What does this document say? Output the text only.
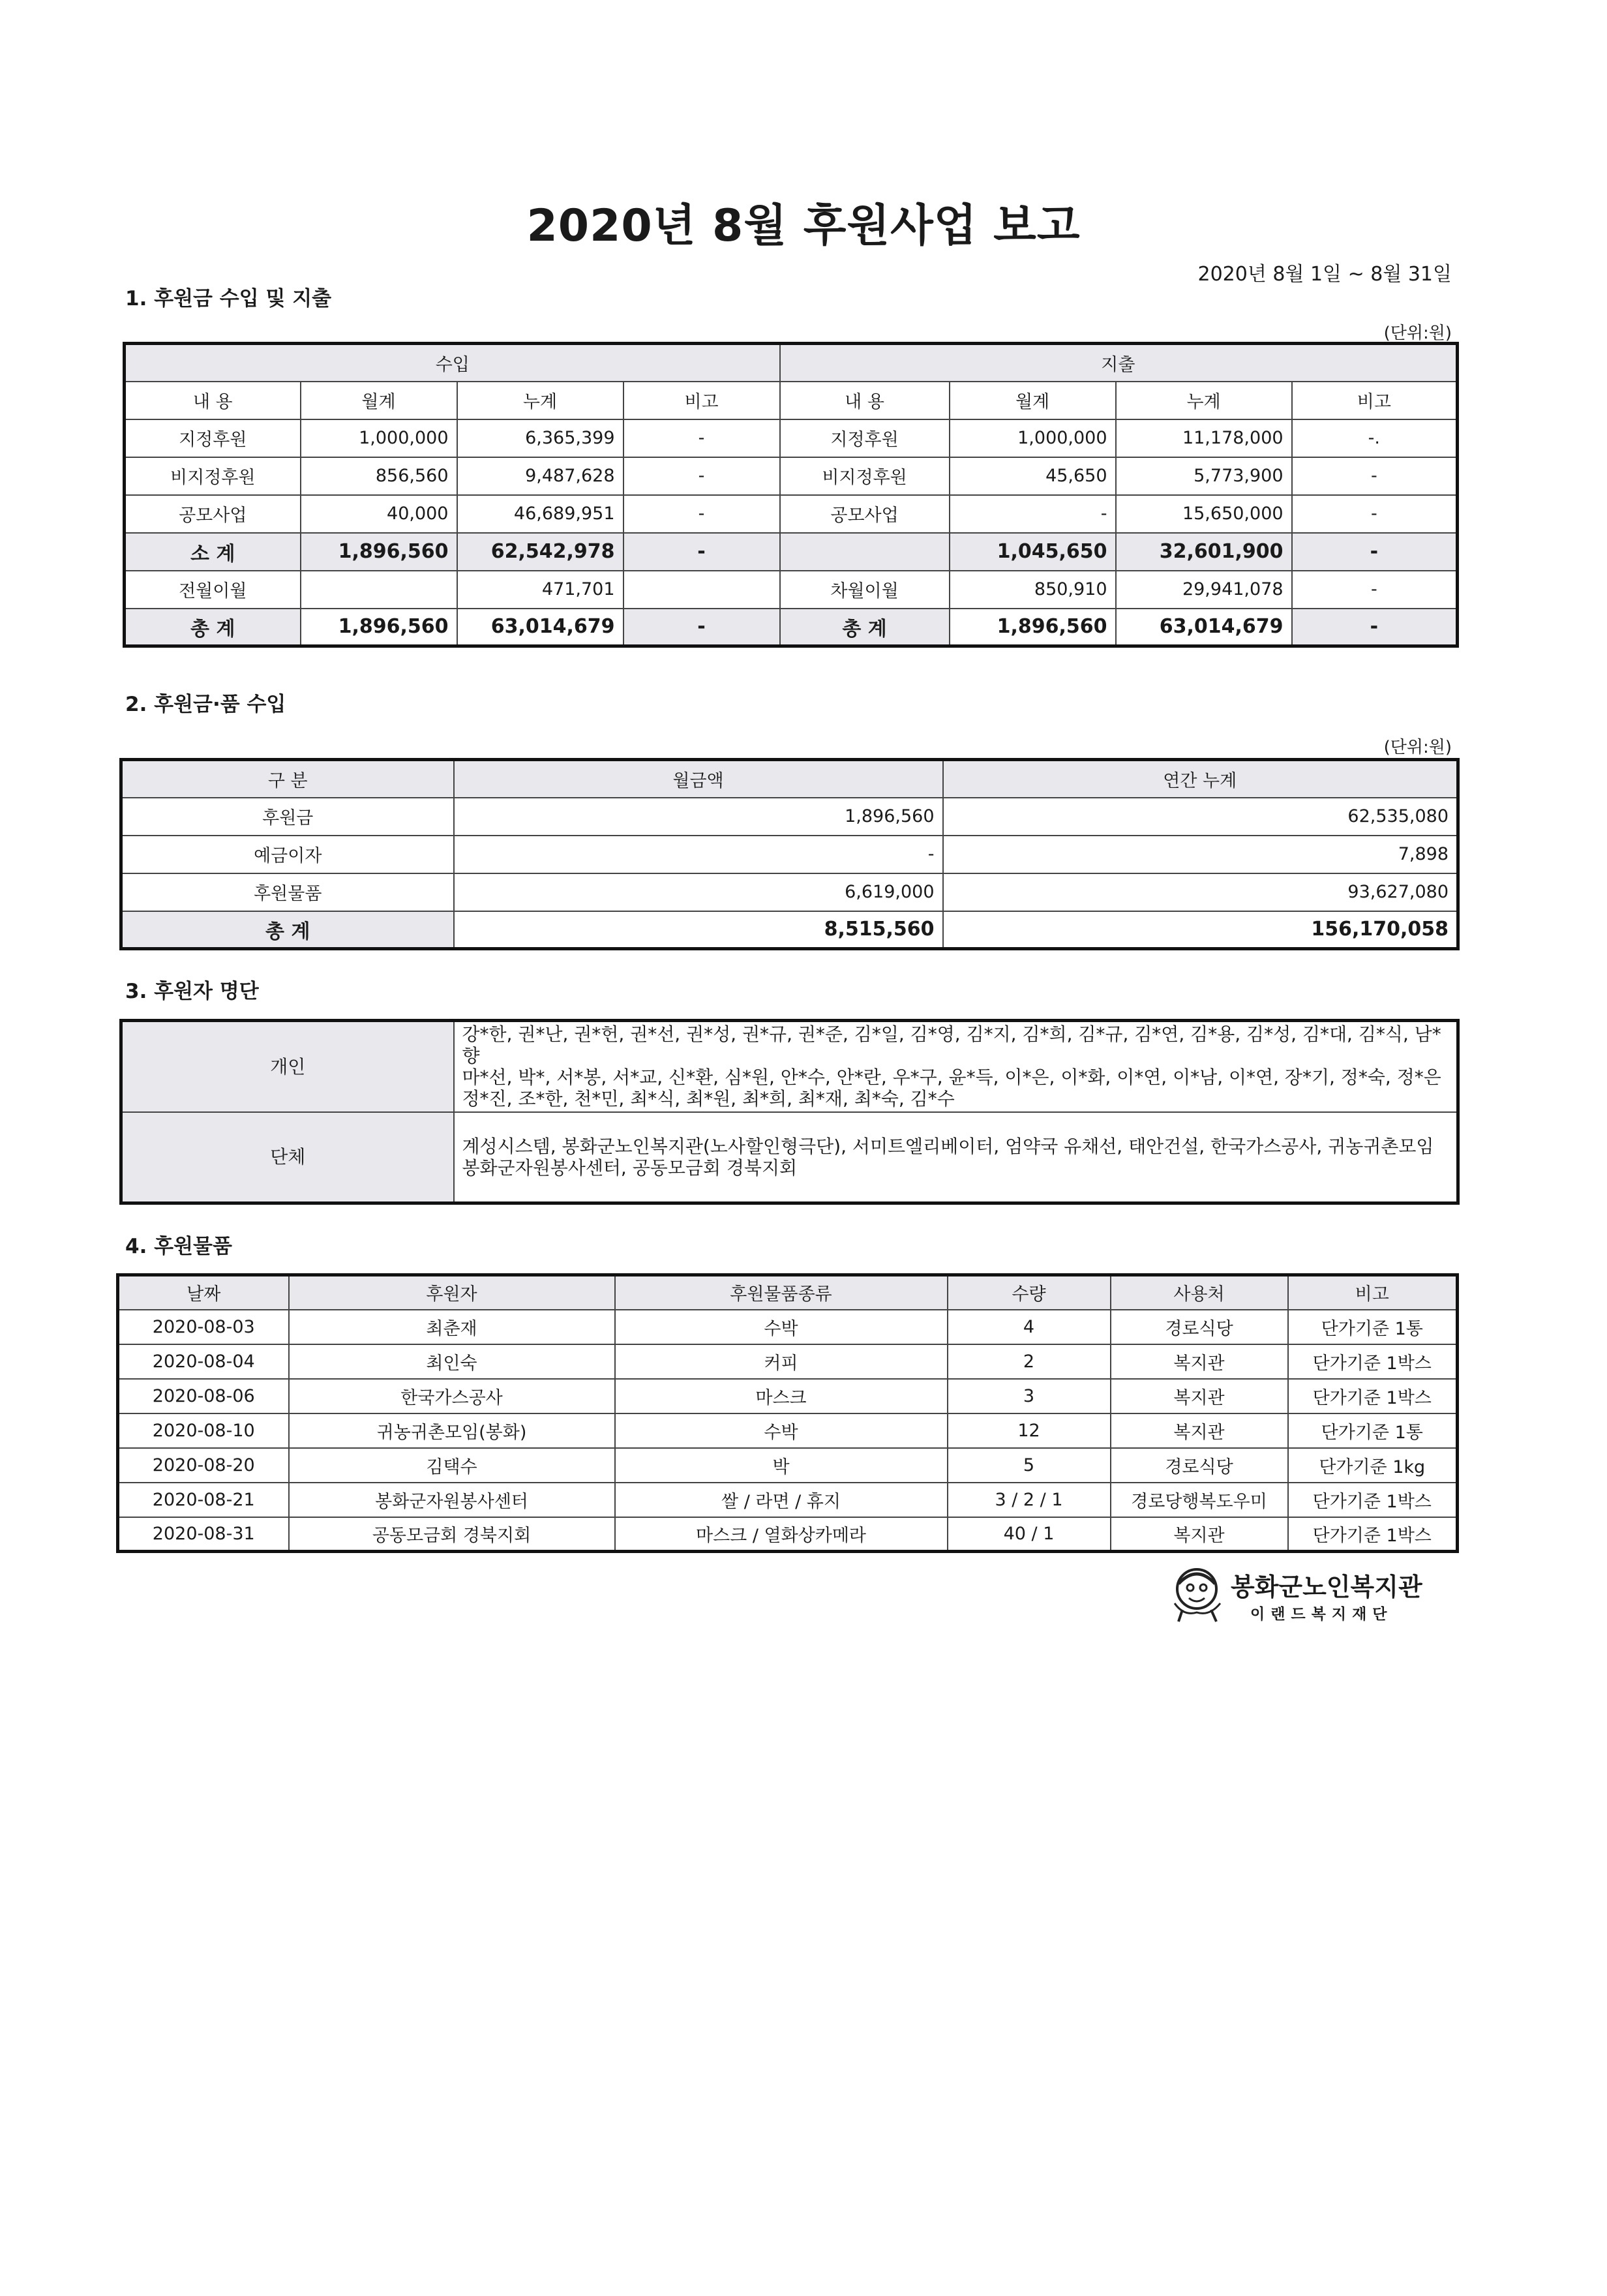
2020년 8월 후원사업 보고
2020년 8월 1일 ~ 8월 31일
1. 후원금 수입 및 지출
(단위:원)
수입				지출			
내 용	월계	누계	비고	내 용	월계	누계	비고
지정후원	1,000,000	6,365,399	-	지정후원	1,000,000	11,178,000	-.
비지정후원	856,560	9,487,628	-	비지정후원	45,650	5,773,900	-
공모사업	40,000	46,689,951	-	공모사업	-	15,650,000	-
소 계	1,896,560	62,542,978	-		1,045,650	32,601,900	-
전월이월		471,701		차월이월	850,910	29,941,078	-
총 계	1,896,560	63,014,679	-	총 계	1,896,560	63,014,679	-
2. 후원금·품 수입
(단위:원)
구 분	월금액	연간 누계
후원금	1,896,560	62,535,080
예금이자	-	7,898
후원물품	6,619,000	93,627,080
총 계	8,515,560	156,170,058
3. 후원자 명단
개인	강*한, 권*난, 권*헌, 권*선, 권*성, 권*규, 권*준, 김*일, 김*영, 김*지, 김*희, 김*규, 김*연, 김*용, 김*성, 김*대, 김*식, 남*향
마*선, 박*, 서*봉, 서*교, 신*환, 심*원, 안*수, 안*란, 우*구, 윤*득, 이*은, 이*화, 이*연, 이*남, 이*연, 장*기, 정*숙, 정*은
정*진, 조*한, 천*민, 최*식, 최*원, 최*희, 최*재, 최*숙, 김*수

단체	계성시스템, 봉화군노인복지관(노사할인형극단), 서미트엘리베이터, 엄약국 유채선, 태안건설, 한국가스공사, 귀농귀촌모임
봉화군자원봉사센터, 공동모금회 경북지회
4. 후원물품
날짜	후원자	후원물품종류	수량	사용처	비고
2020-08-03	최춘재	수박	4	경로식당	단가기준 1통
2020-08-04	최인숙	커피	2	복지관	단가기준 1박스
2020-08-06	한국가스공사	마스크	3	복지관	단가기준 1박스
2020-08-10	귀농귀촌모임(봉화)	수박	12	복지관	단가기준 1통
2020-08-20	김택수	박	5	경로식당	단가기준 1kg
2020-08-21	봉화군자원봉사센터	쌀 / 라면 / 휴지	3 / 2 / 1	경로당행복도우미	단가기준 1박스
2020-08-31	공동모금회 경북지회	마스크 / 열화상카메라	40 / 1	복지관	단가기준 1박스
봉화군노인복지관
이랜드복지재단
